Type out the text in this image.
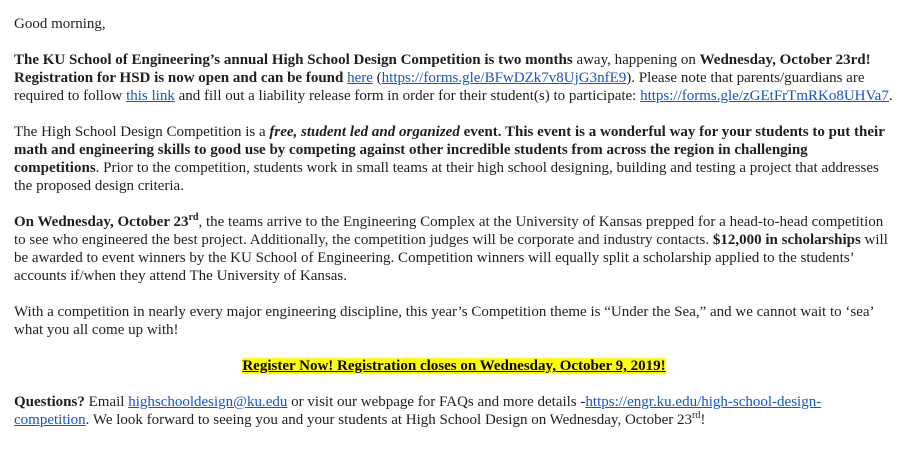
Good morning,

The KU School of Engineering’s annual High School Design Competition is two months away, happening on Wednesday, October 23rd! Registration for HSD is now open and can be found here (https://forms.gle/BFwDZk7v8UjG3nfE9). Please note that parents/guardians are required to follow this link and fill out a liability release form in order for their student(s) to participate: https://forms.gle/zGEtFrTmRKo8UHVa7.

The High School Design Competition is a free, student led and organized event. This event is a wonderful way for your students to put their math and engineering skills to good use by competing against other incredible students from across the region in challenging competitions. Prior to the competition, students work in small teams at their high school designing, building and testing a project that addresses the proposed design criteria.

On Wednesday, October 23rd, the teams arrive to the Engineering Complex at the University of Kansas prepped for a head-to-head competition to see who engineered the best project. Additionally, the competition judges will be corporate and industry contacts. $12,000 in scholarships will be awarded to event winners by the KU School of Engineering. Competition winners will equally split a scholarship applied to the students’ accounts if/when they attend The University of Kansas.

With a competition in nearly every major engineering discipline, this year’s Competition theme is “Under the Sea,” and we cannot wait to ‘sea’ what you all come up with!

Register Now! Registration closes on Wednesday, October 9, 2019!

Questions? Email highschooldesign@ku.edu or visit our webpage for FAQs and more details -https://engr.ku.edu/high-school-design-competition. We look forward to seeing you and your students at High School Design on Wednesday, October 23rd!
